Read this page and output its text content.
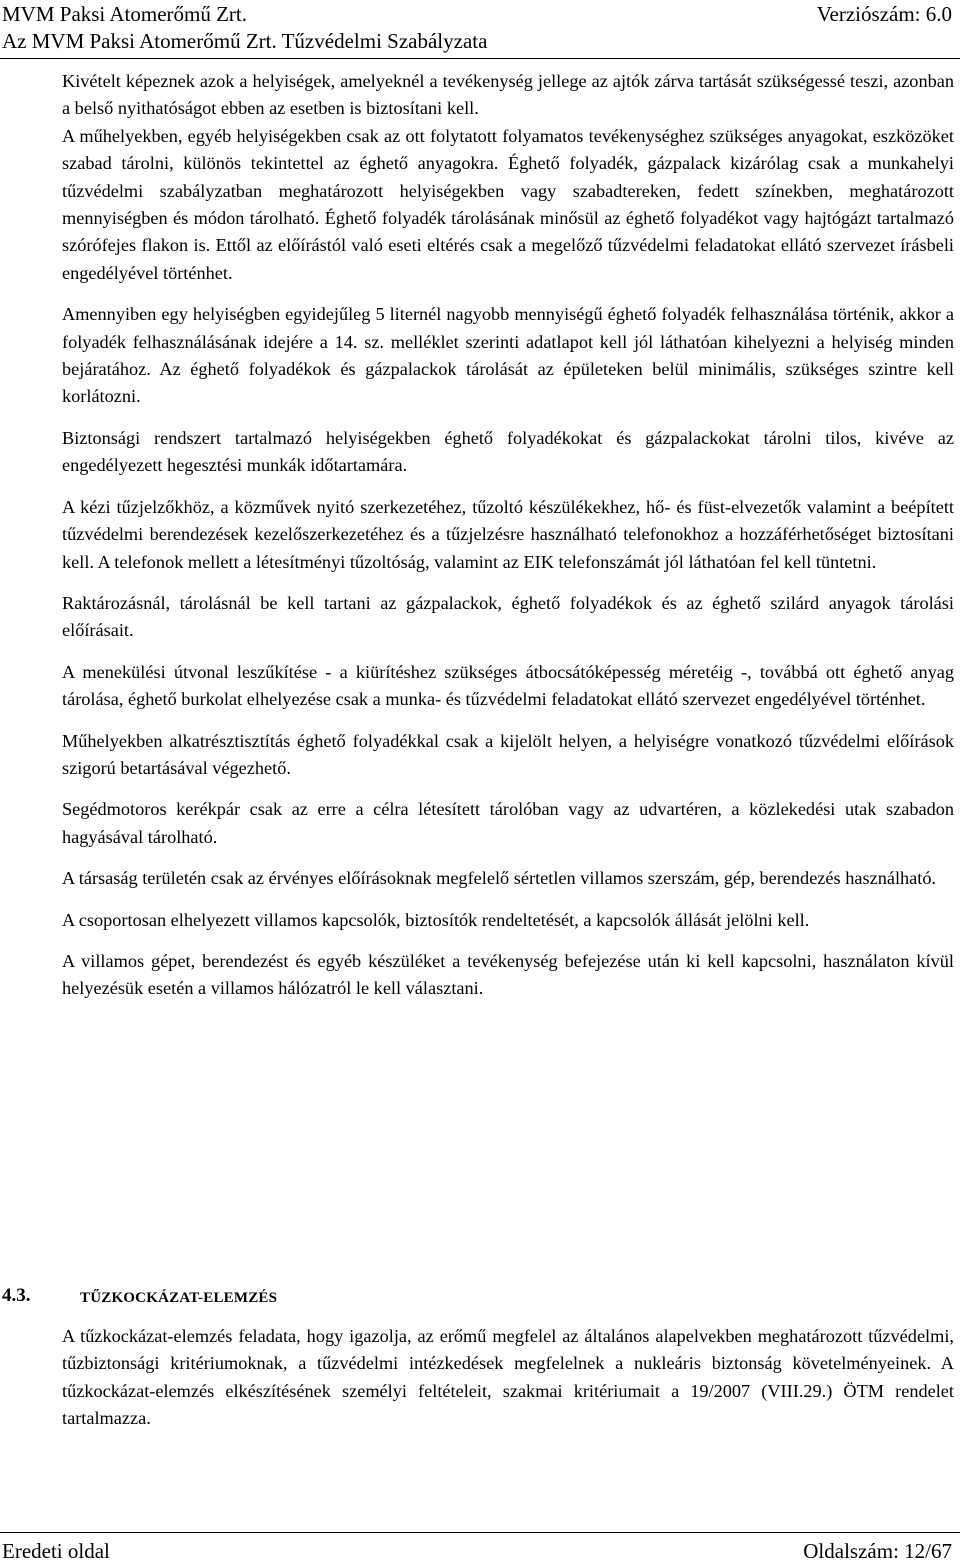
MVM Paksi Atomerőmű Zrt.	Verziószám: 6.0
Az MVM Paksi Atomerőmű Zrt. Tűzvédelmi Szabályzata

Kivételt képeznek azok a helyiségek, amelyeknél a tevékenység jellege az ajtók zárva tartását szükségessé teszi, azonban a belső nyithatóságot ebben az esetben is biztosítani kell.

A műhelyekben, egyéb helyiségekben csak az ott folytatott folyamatos tevékenységhez szükséges anyagokat, eszközöket szabad tárolni, különös tekintettel az éghető anyagokra. Éghető folyadék, gázpalack kizárólag csak a munkahelyi tűzvédelmi szabályzatban meghatározott helyiségekben vagy szabadtereken, fedett színekben, meghatározott mennyiségben és módon tárolható. Éghető folyadék tárolásának minősül az éghető folyadékot vagy hajtógázt tartalmazó szórófejes flakon is. Ettől az előírástól való eseti eltérés csak a megelőző tűzvédelmi feladatokat ellátó szervezet írásbeli engedélyével történhet.

Amennyiben egy helyiségben egyidejűleg 5 liternél nagyobb mennyiségű éghető folyadék felhasználása történik, akkor a folyadék felhasználásának idejére a 14. sz. melléklet szerinti adatlapot kell jól láthatóan kihelyezni a helyiség minden bejáratához. Az éghető folyadékok és gázpalackok tárolását az épületeken belül minimális, szükséges szintre kell korlátozni.

Biztonsági rendszert tartalmazó helyiségekben éghető folyadékokat és gázpalackokat tárolni tilos, kivéve az engedélyezett hegesztési munkák időtartamára.

A kézi tűzjelzőkhöz, a közművek nyitó szerkezetéhez, tűzoltó készülékekhez, hő- és füst-elvezetők valamint a beépített tűzvédelmi berendezések kezelőszerkezetéhez és a tűzjelzésre használható telefonokhoz a hozzáférhetőséget biztosítani kell. A telefonok mellett a létesítményi tűzoltóság, valamint az EIK telefonszámát jól láthatóan fel kell tüntetni.

Raktározásnál, tárolásnál be kell tartani az gázpalackok, éghető folyadékok és az éghető szilárd anyagok tárolási előírásait.

A menekülési útvonal leszűkítése - a kiürítéshez szükséges átbocsátóképesség méretéig -, továbbá ott éghető anyag tárolása, éghető burkolat elhelyezése csak a munka- és tűzvédelmi feladatokat ellátó szervezet engedélyével történhet.

Műhelyekben alkatrésztisztítás éghető folyadékkal csak a kijelölt helyen, a helyiségre vonatkozó tűzvédelmi előírások szigorú betartásával végezhető.

Segédmotoros kerékpár csak az erre a célra létesített tárolóban vagy az udvartéren, a közlekedési utak szabadon hagyásával tárolható.

A társaság területén csak az érvényes előírásoknak megfelelő sértetlen villamos szerszám, gép, berendezés használható.

A csoportosan elhelyezett villamos kapcsolók, biztosítók rendeltetését, a kapcsolók állását jelölni kell.

A villamos gépet, berendezést és egyéb készüléket a tevékenység befejezése után ki kell kapcsolni, használaton kívül helyezésük esetén a villamos hálózatról le kell választani.

4.3.	TŰZKOCKÁZAT-ELEMZÉS

A tűzkockázat-elemzés feladata, hogy igazolja, az erőmű megfelel az általános alapelvekben meghatározott tűzvédelmi, tűzbiztonsági kritériumoknak, a tűzvédelmi intézkedések megfelelnek a nukleáris biztonság követelményeinek. A tűzkockázat-elemzés elkészítésének személyi feltételeit, szakmai kritériumait a 19/2007 (VIII.29.) ÖTM rendelet tartalmazza.

Eredeti oldal	Oldalszám: 12/67
